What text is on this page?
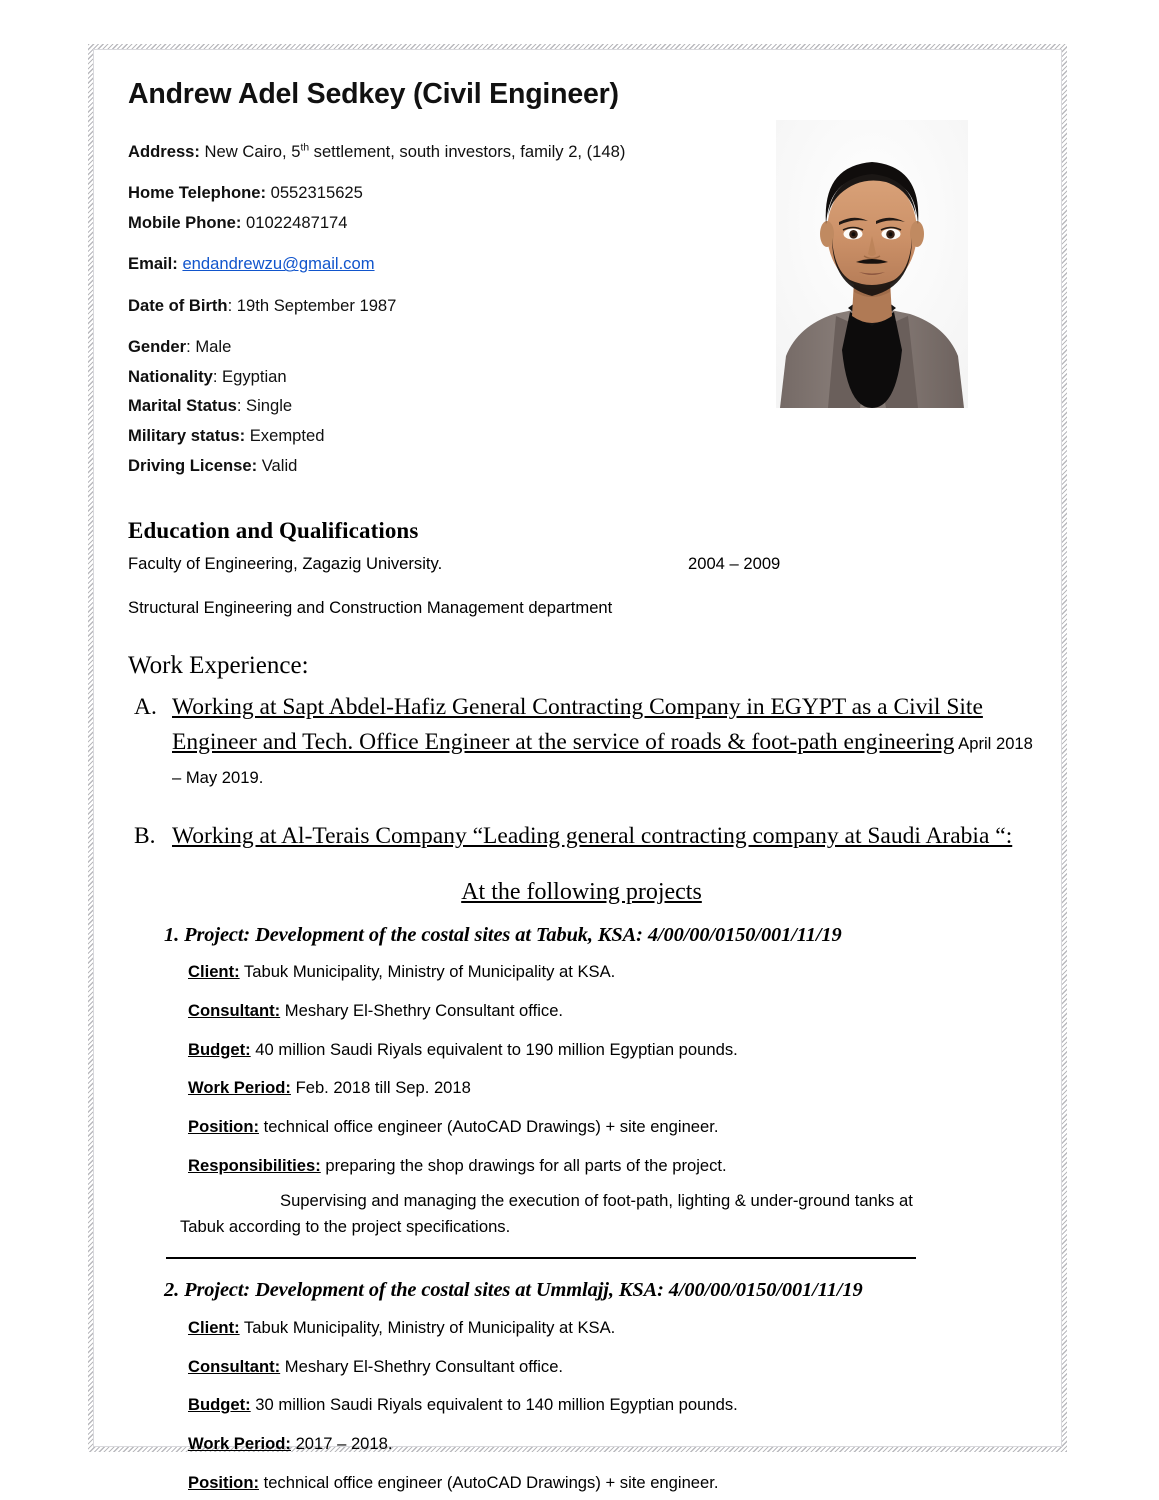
Andrew Adel Sedkey (Civil Engineer)
Address: New Cairo, 5th settlement, south investors, family 2, (148)
Home Telephone: 0552315625
Mobile Phone: 01022487174
Email: endandrewzu@gmail.com
Date of Birth: 19th September 1987
Gender: Male
Nationality: Egyptian
Marital Status: Single
Military status: Exempted
Driving License: Valid
Education and Qualifications
Faculty of Engineering, Zagazig University.	2004 – 2009
Structural Engineering and Construction Management department
Work Experience:
A. Working at Sapt Abdel-Hafiz General Contracting Company in EGYPT as a Civil Site Engineer and Tech. Office Engineer at the service of roads & foot-path engineering April 2018 – May 2019.
B. Working at Al-Terais Company “Leading general contracting company at Saudi Arabia “:
At the following projects
1. Project: Development of the costal sites at Tabuk, KSA: 4/00/00/0150/001/11/19
Client: Tabuk Municipality, Ministry of Municipality at KSA.
Consultant: Meshary El-Shethry Consultant office.
Budget: 40 million Saudi Riyals equivalent to 190 million Egyptian pounds.
Work Period: Feb. 2018 till Sep. 2018
Position: technical office engineer (AutoCAD Drawings) + site engineer.
Responsibilities: preparing the shop drawings for all parts of the project.
Supervising and managing the execution of foot-path, lighting & under-ground tanks at Tabuk according to the project specifications.
2. Project: Development of the costal sites at Ummlajj, KSA: 4/00/00/0150/001/11/19
Client: Tabuk Municipality, Ministry of Municipality at KSA.
Consultant: Meshary El-Shethry Consultant office.
Budget: 30 million Saudi Riyals equivalent to 140 million Egyptian pounds.
Work Period: 2017 – 2018.
Position: technical office engineer (AutoCAD Drawings) + site engineer.
